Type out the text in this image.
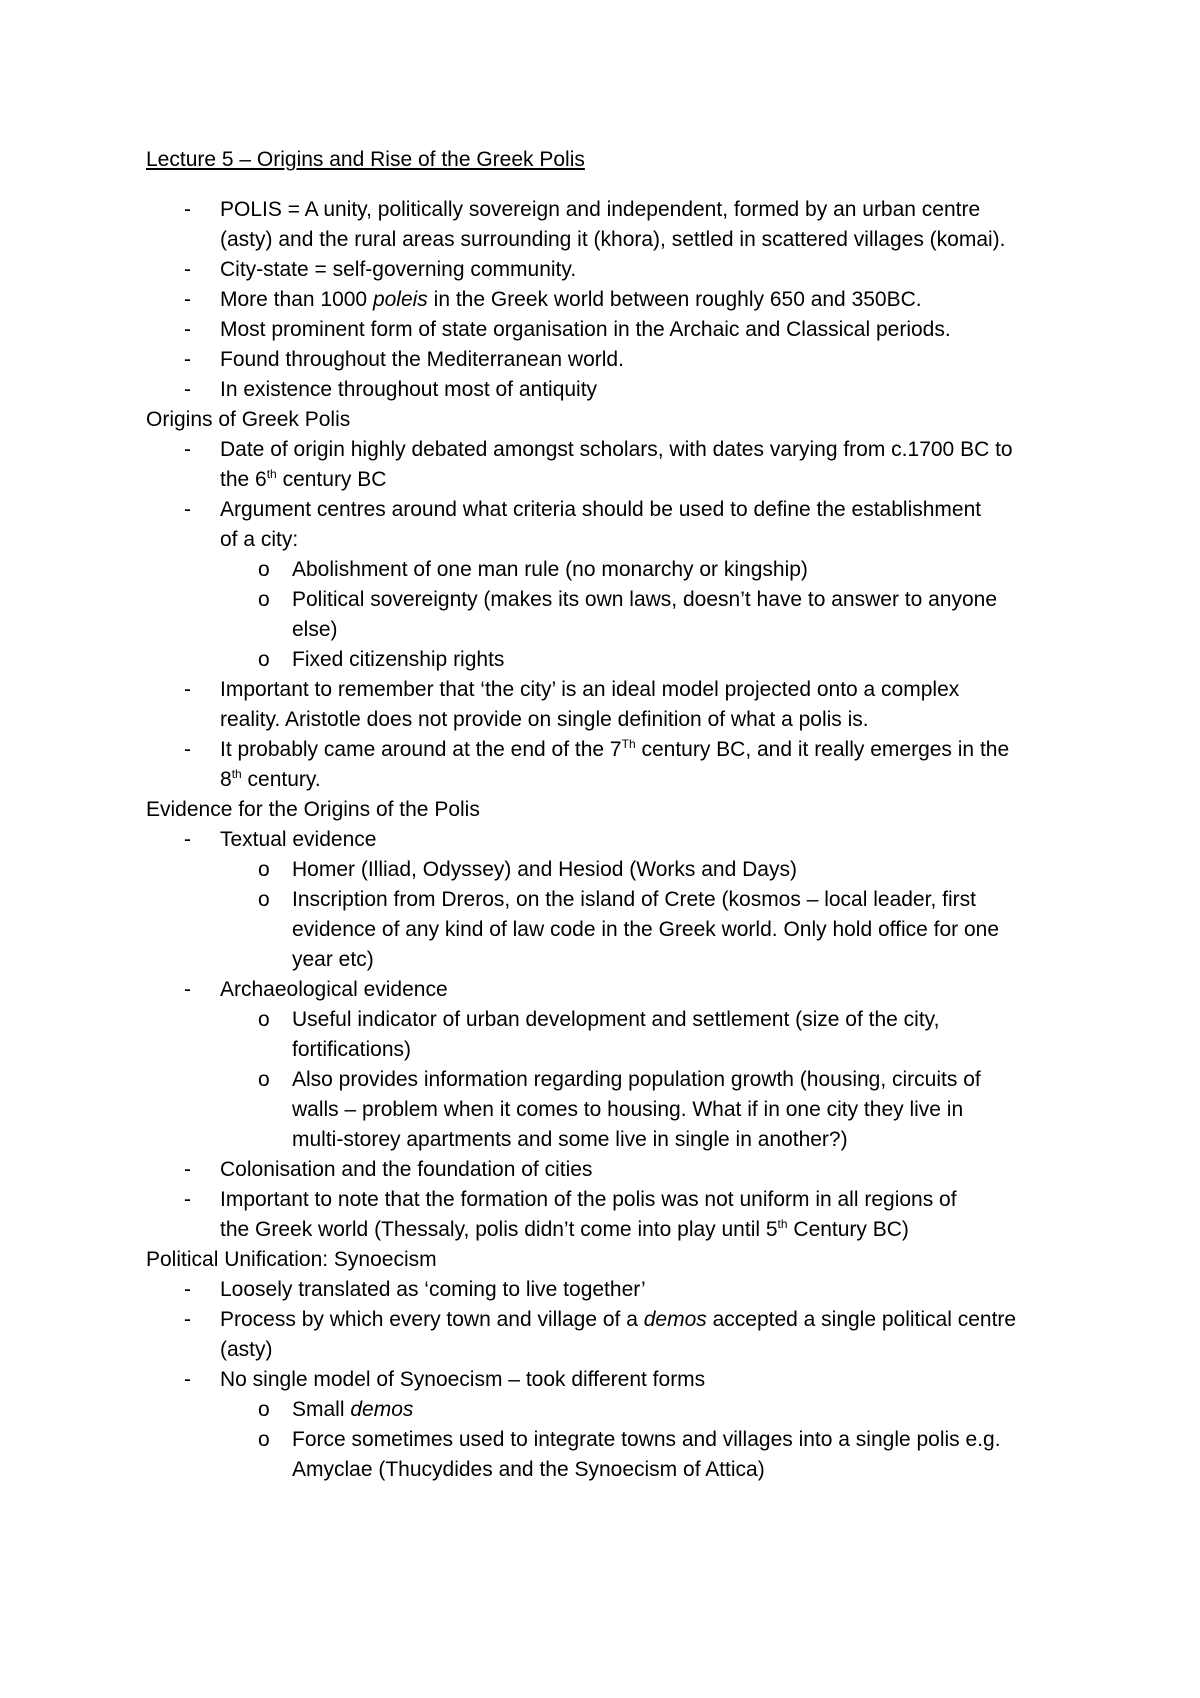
Lecture 5 – Origins and Rise of the Greek Polis
- POLIS = A unity, politically sovereign and independent, formed by an urban centre
(asty) and the rural areas surrounding it (khora), settled in scattered villages (komai).
- City-state = self-governing community.
- More than 1000 poleis in the Greek world between roughly 650 and 350BC.
- Most prominent form of state organisation in the Archaic and Classical periods.
- Found throughout the Mediterranean world.
- In existence throughout most of antiquity
Origins of Greek Polis
- Date of origin highly debated amongst scholars, with dates varying from c.1700 BC to
the 6th century BC
- Argument centres around what criteria should be used to define the establishment
of a city:
o Abolishment of one man rule (no monarchy or kingship)
o Political sovereignty (makes its own laws, doesn’t have to answer to anyone
else)
o Fixed citizenship rights
- Important to remember that ‘the city’ is an ideal model projected onto a complex
reality. Aristotle does not provide on single definition of what a polis is.
- It probably came around at the end of the 7Th century BC, and it really emerges in the
8th century.
Evidence for the Origins of the Polis
- Textual evidence
o Homer (Illiad, Odyssey) and Hesiod (Works and Days)
o Inscription from Dreros, on the island of Crete (kosmos – local leader, first
evidence of any kind of law code in the Greek world. Only hold office for one
year etc)
- Archaeological evidence
o Useful indicator of urban development and settlement (size of the city,
fortifications)
o Also provides information regarding population growth (housing, circuits of
walls – problem when it comes to housing. What if in one city they live in
multi-storey apartments and some live in single in another?)
- Colonisation and the foundation of cities
- Important to note that the formation of the polis was not uniform in all regions of
the Greek world (Thessaly, polis didn’t come into play until 5th Century BC)
Political Unification: Synoecism
- Loosely translated as ‘coming to live together’
- Process by which every town and village of a demos accepted a single political centre
(asty)
- No single model of Synoecism – took different forms
o Small demos
o Force sometimes used to integrate towns and villages into a single polis e.g.
Amyclae (Thucydides and the Synoecism of Attica)
